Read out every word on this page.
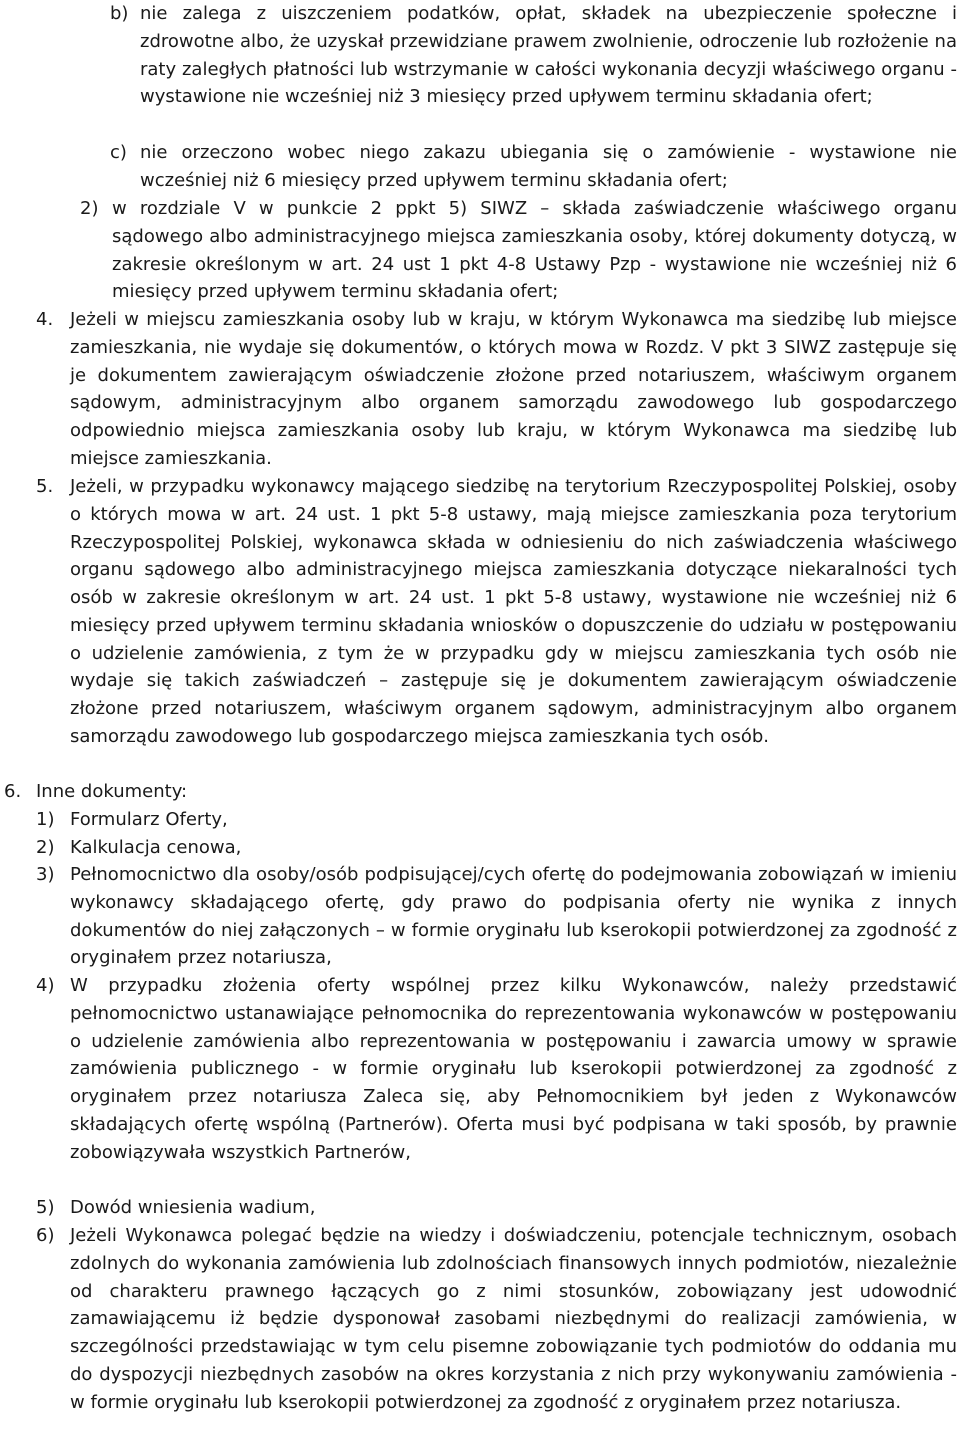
b) nie zalega z uiszczeniem podatków, opłat, składek na ubezpieczenie społeczne i zdrowotne albo, że uzyskał przewidziane prawem zwolnienie, odroczenie lub rozłożenie na raty zaległych płatności lub wstrzymanie w całości wykonania decyzji właściwego organu - wystawione nie wcześniej niż 3 miesięcy przed upływem terminu składania ofert;

c) nie orzeczono wobec niego zakazu ubiegania się o zamówienie - wystawione nie wcześniej niż 6 miesięcy przed upływem terminu składania ofert;

2) w rozdziale V w punkcie 2 ppkt 5) SIWZ – składa zaświadczenie właściwego organu sądowego albo administracyjnego miejsca zamieszkania osoby, której dokumenty dotyczą, w zakresie określonym w art. 24 ust 1 pkt 4-8 Ustawy Pzp - wystawione nie wcześniej niż 6 miesięcy przed upływem terminu składania ofert;

4. Jeżeli w miejscu zamieszkania osoby lub w kraju, w którym Wykonawca ma siedzibę lub miejsce zamieszkania, nie wydaje się dokumentów, o których mowa w Rozdz. V pkt 3 SIWZ zastępuje się je dokumentem zawierającym oświadczenie złożone przed notariuszem, właściwym organem sądowym, administracyjnym albo organem samorządu zawodowego lub gospodarczego odpowiednio miejsca zamieszkania osoby lub kraju, w którym Wykonawca ma siedzibę lub miejsce zamieszkania.

5. Jeżeli, w przypadku wykonawcy mającego siedzibę na terytorium Rzeczypospolitej Polskiej, osoby o których mowa w art. 24 ust. 1 pkt 5-8 ustawy, mają miejsce zamieszkania poza terytorium Rzeczypospolitej Polskiej, wykonawca składa w odniesieniu do nich zaświadczenia właściwego organu sądowego albo administracyjnego miejsca zamieszkania dotyczące niekaralności tych osób w zakresie określonym w art. 24 ust. 1 pkt 5-8 ustawy, wystawione nie wcześniej niż 6 miesięcy przed upływem terminu składania wniosków o dopuszczenie do udziału w postępowaniu o udzielenie zamówienia, z tym że w przypadku gdy w miejscu zamieszkania tych osób nie wydaje się takich zaświadczeń – zastępuje się je dokumentem zawierającym oświadczenie złożone przed notariuszem, właściwym organem sądowym, administracyjnym albo organem samorządu zawodowego lub gospodarczego miejsca zamieszkania tych osób.

6. Inne dokumenty:

1) Formularz Oferty,

2) Kalkulacja cenowa,

3) Pełnomocnictwo dla osoby/osób podpisującej/cych ofertę do podejmowania zobowiązań w imieniu wykonawcy składającego ofertę, gdy prawo do podpisania oferty nie wynika z innych dokumentów do niej załączonych – w formie oryginału lub kserokopii potwierdzonej za zgodność z oryginałem przez notariusza,

4) W przypadku złożenia oferty wspólnej przez kilku Wykonawców, należy przedstawić pełnomocnictwo ustanawiające pełnomocnika do reprezentowania wykonawców w postępowaniu o udzielenie zamówienia albo reprezentowania w postępowaniu i zawarcia umowy w sprawie zamówienia publicznego - w formie oryginału lub kserokopii potwierdzonej za zgodność z oryginałem przez notariusza Zaleca się, aby Pełnomocnikiem był jeden z Wykonawców składających ofertę wspólną (Partnerów). Oferta musi być podpisana w taki sposób, by prawnie zobowiązywała wszystkich Partnerów,

5) Dowód wniesienia wadium,

6) Jeżeli Wykonawca polegać będzie na wiedzy i doświadczeniu, potencjale technicznym, osobach zdolnych do wykonania zamówienia lub zdolnościach finansowych innych podmiotów, niezależnie od charakteru prawnego łączących go z nimi stosunków, zobowiązany jest udowodnić zamawiającemu iż będzie dysponował zasobami niezbędnymi do realizacji zamówienia, w szczególności przedstawiając w tym celu pisemne zobowiązanie tych podmiotów do oddania mu do dyspozycji niezbędnych zasobów na okres korzystania z nich przy wykonywaniu zamówienia - w formie oryginału lub kserokopii potwierdzonej za zgodność z oryginałem przez notariusza.
